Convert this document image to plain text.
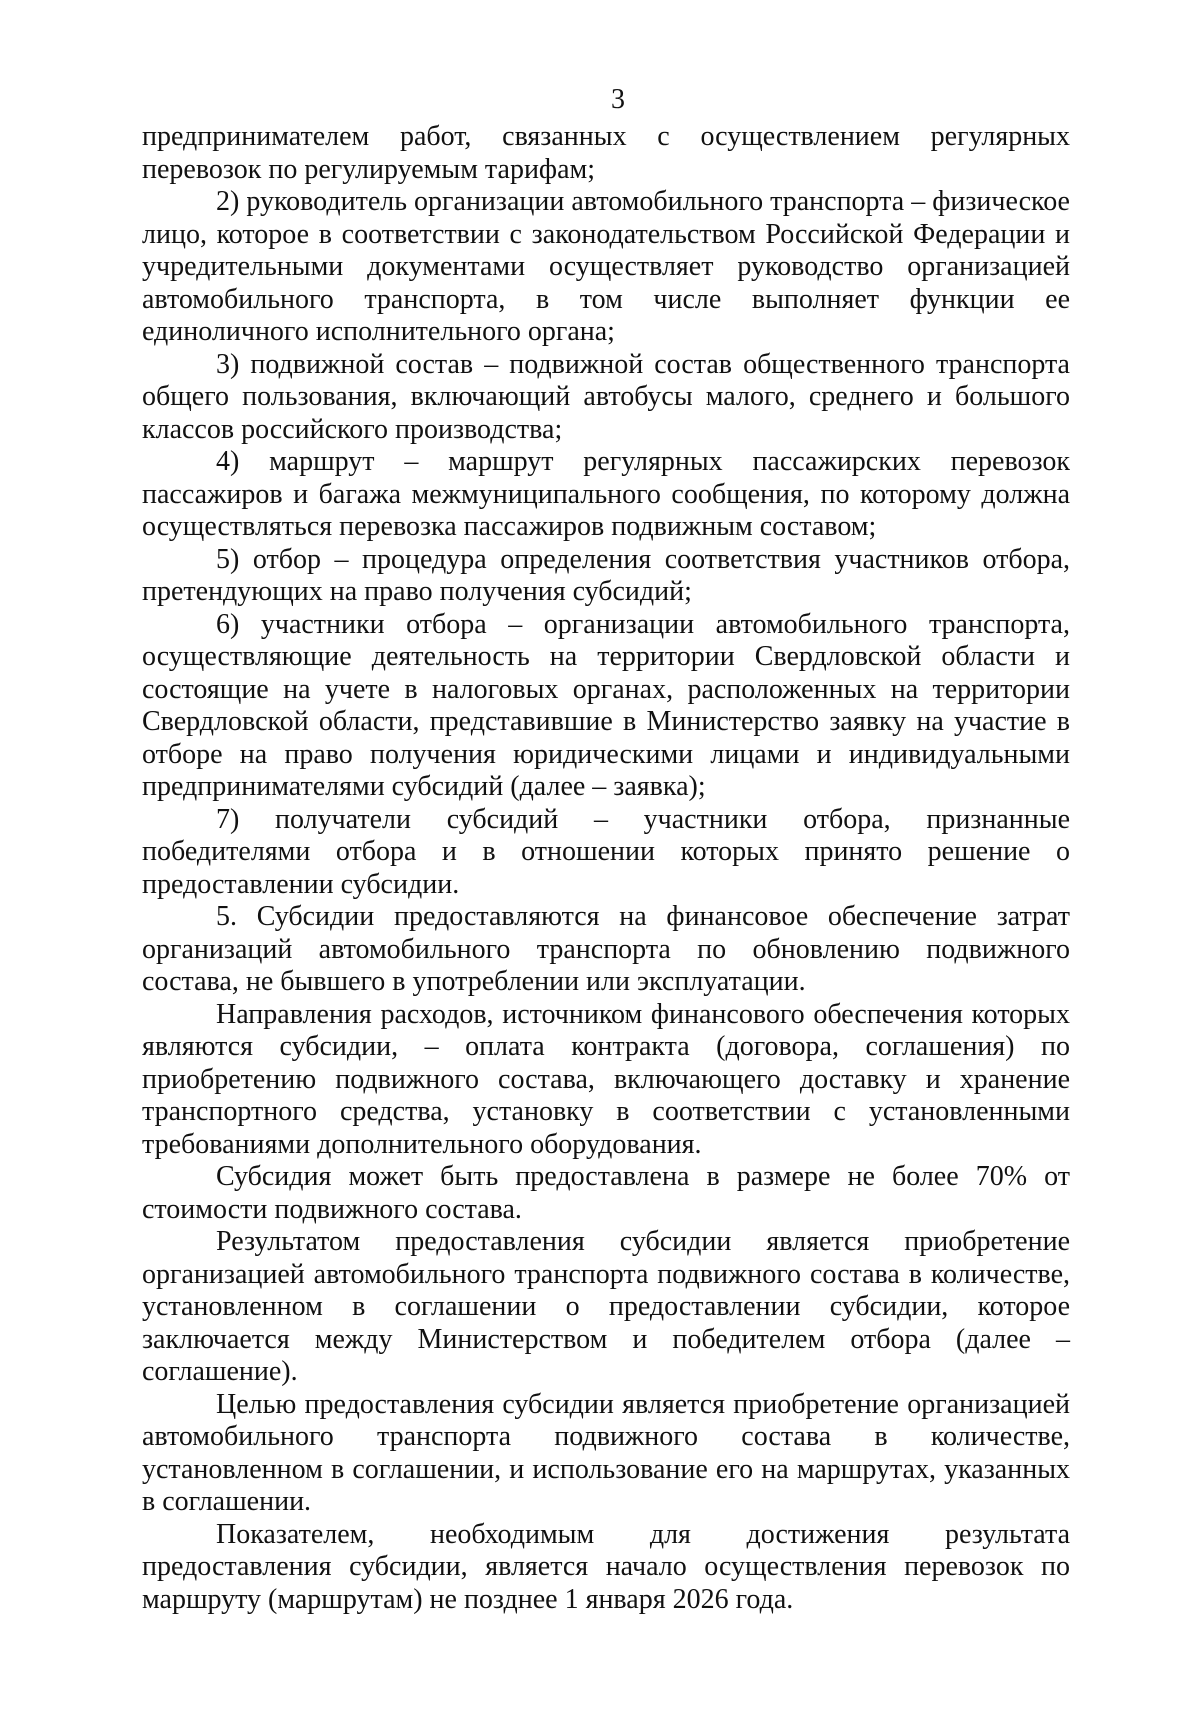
3

предпринимателем работ, связанных с осуществлением регулярных перевозок по регулируемым тарифам;

2) руководитель организации автомобильного транспорта – физическое лицо, которое в соответствии с законодательством Российской Федерации и учредительными документами осуществляет руководство организацией автомобильного транспорта, в том числе выполняет функции ее единоличного исполнительного органа;

3) подвижной состав – подвижной состав общественного транспорта общего пользования, включающий автобусы малого, среднего и большого классов российского производства;

4) маршрут – маршрут регулярных пассажирских перевозок пассажиров и багажа межмуниципального сообщения, по которому должна осуществляться перевозка пассажиров подвижным составом;

5) отбор – процедура определения соответствия участников отбора, претендующих на право получения субсидий;

6) участники отбора – организации автомобильного транспорта, осуществляющие деятельность на территории Свердловской области и состоящие на учете в налоговых органах, расположенных на территории Свердловской области, представившие в Министерство заявку на участие в отборе на право получения юридическими лицами и индивидуальными предпринимателями субсидий (далее – заявка);

7) получатели субсидий – участники отбора, признанные победителями отбора и в отношении которых принято решение о предоставлении субсидии.

5. Субсидии предоставляются на финансовое обеспечение затрат организаций автомобильного транспорта по обновлению подвижного состава, не бывшего в употреблении или эксплуатации.

Направления расходов, источником финансового обеспечения которых являются субсидии, – оплата контракта (договора, соглашения) по приобретению подвижного состава, включающего доставку и хранение транспортного средства, установку в соответствии с установленными требованиями дополнительного оборудования.

Субсидия может быть предоставлена в размере не более 70% от стоимости подвижного состава.

Результатом предоставления субсидии является приобретение организацией автомобильного транспорта подвижного состава в количестве, установленном в соглашении о предоставлении субсидии, которое заключается между Министерством и победителем отбора (далее – соглашение).

Целью предоставления субсидии является приобретение организацией автомобильного транспорта подвижного состава в количестве, установленном в соглашении, и использование его на маршрутах, указанных в соглашении.

Показателем, необходимым для достижения результата предоставления субсидии, является начало осуществления перевозок по маршруту (маршрутам) не позднее 1 января 2026 года.
